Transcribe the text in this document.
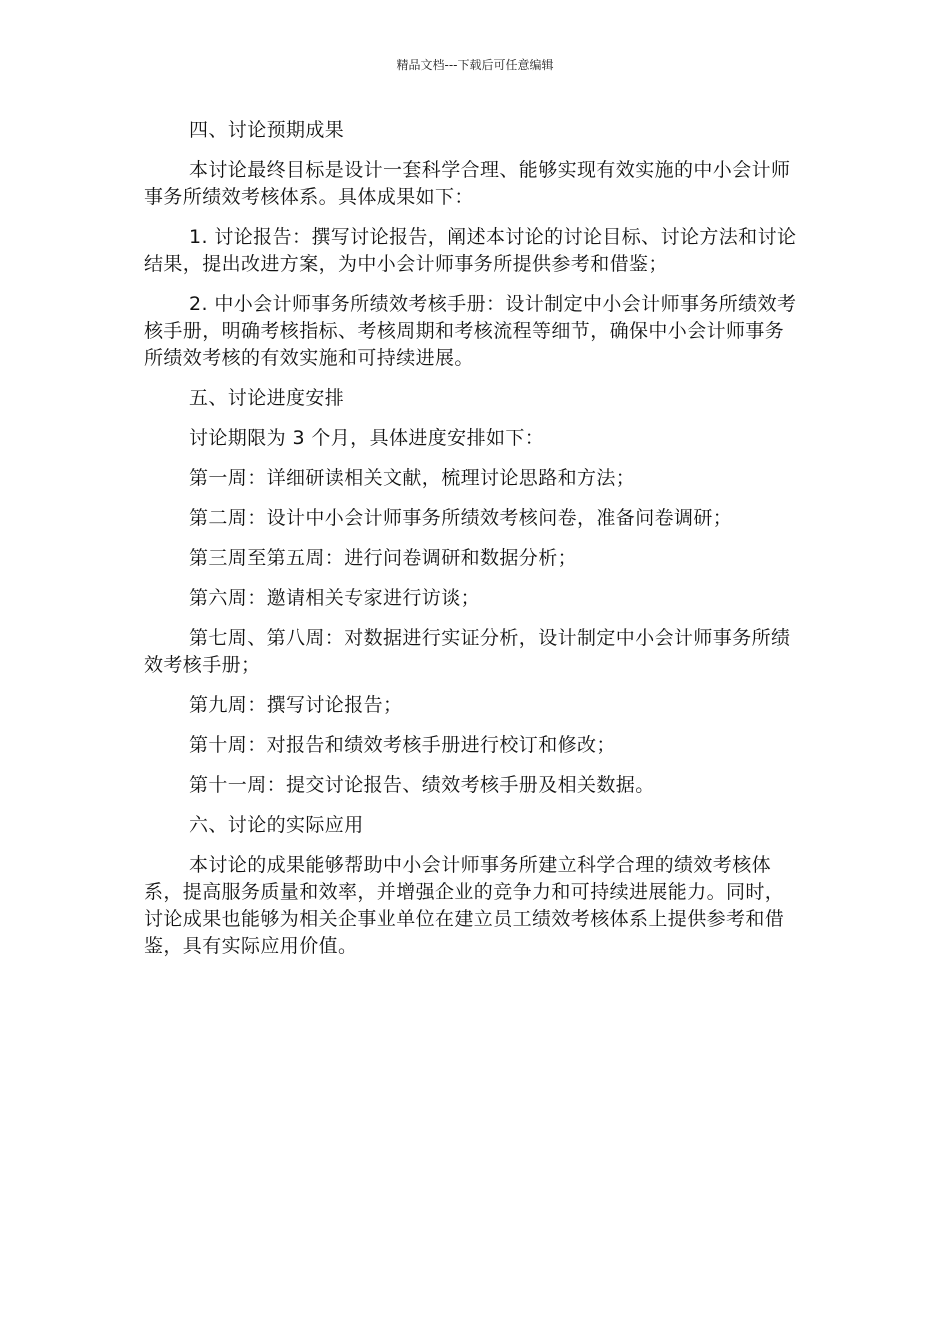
精品文档---下载后可任意编辑

四、讨论预期成果

本讨论最终目标是设计一套科学合理、能够实现有效实施的中小会计师事务所绩效考核体系。具体成果如下：

1. 讨论报告：撰写讨论报告，阐述本讨论的讨论目标、讨论方法和讨论结果，提出改进方案，为中小会计师事务所提供参考和借鉴；

2. 中小会计师事务所绩效考核手册：设计制定中小会计师事务所绩效考核手册，明确考核指标、考核周期和考核流程等细节，确保中小会计师事务所绩效考核的有效实施和可持续进展。

五、讨论进度安排

讨论期限为 3 个月，具体进度安排如下：

第一周：详细研读相关文献，梳理讨论思路和方法；

第二周：设计中小会计师事务所绩效考核问卷，准备问卷调研；

第三周至第五周：进行问卷调研和数据分析；

第六周：邀请相关专家进行访谈；

第七周、第八周：对数据进行实证分析，设计制定中小会计师事务所绩效考核手册；

第九周：撰写讨论报告；

第十周：对报告和绩效考核手册进行校订和修改；

第十一周：提交讨论报告、绩效考核手册及相关数据。

六、讨论的实际应用

本讨论的成果能够帮助中小会计师事务所建立科学合理的绩效考核体系，提高服务质量和效率，并增强企业的竞争力和可持续进展能力。同时，讨论成果也能够为相关企事业单位在建立员工绩效考核体系上提供参考和借鉴，具有实际应用价值。
